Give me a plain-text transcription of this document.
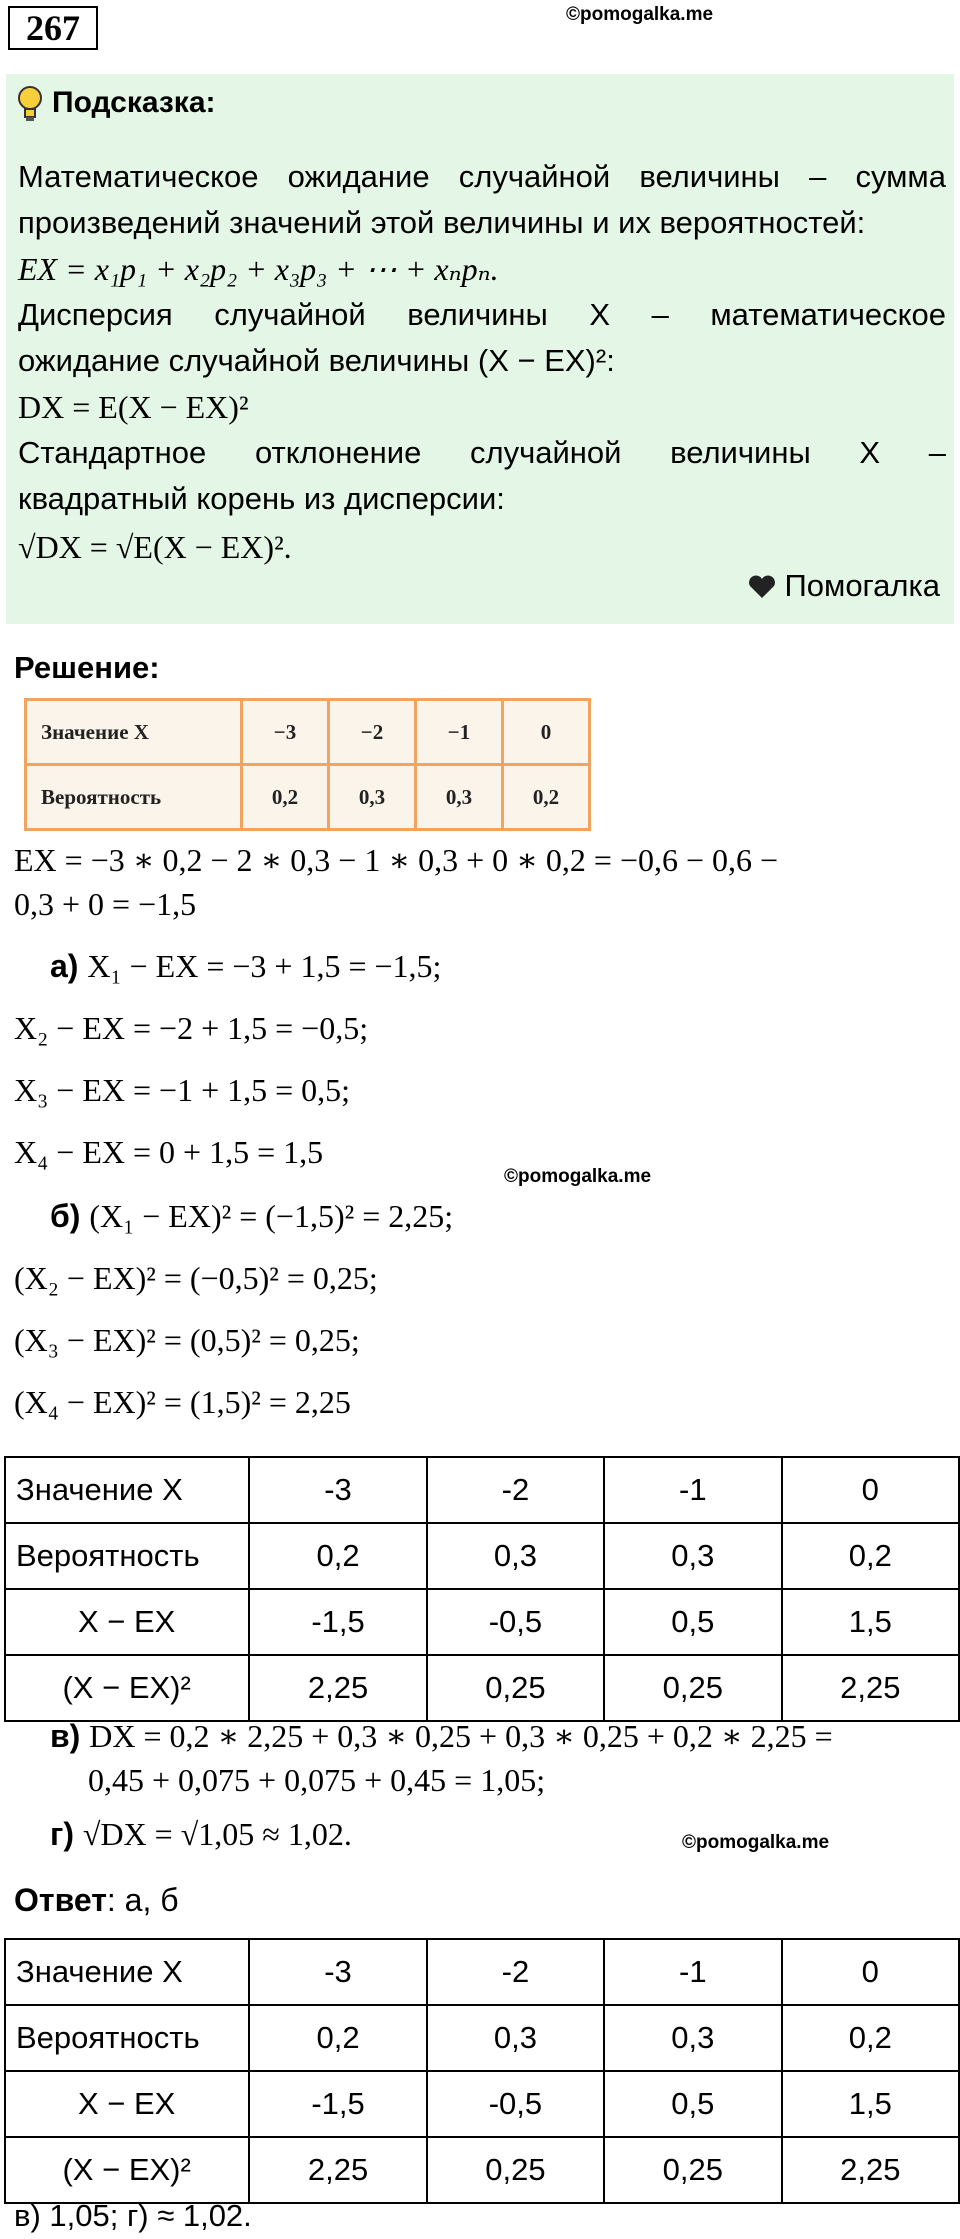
267	©pomogalka.me
Подсказка:
Математическое ожидание случайной величины – сумма
произведений значений этой величины и их вероятностей:
EX = x₁p₁ + x₂p₂ + x₃p₃ + ⋯ + xₙpₙ.
Дисперсия случайной величины X – математическое
ожидание случайной величины (X − EX)²:
DX = E(X − EX)²
Стандартное отклонение случайной величины X –
квадратный корень из дисперсии:
√DX = √E(X − EX)².
Помогалка
Решение:
Значение X	−3	−2	−1	0
Вероятность	0,2	0,3	0,3	0,2
EX = −3 ∗ 0,2 − 2 ∗ 0,3 − 1 ∗ 0,3 + 0 ∗ 0,2 = −0,6 − 0,6 −
0,3 + 0 = −1,5
а) X₁ − EX = −3 + 1,5 = −1,5;
X₂ − EX = −2 + 1,5 = −0,5;
X₃ − EX = −1 + 1,5 = 0,5;
X₄ − EX = 0 + 1,5 = 1,5
©pomogalka.me
б) (X₁ − EX)² = (−1,5)² = 2,25;
(X₂ − EX)² = (−0,5)² = 0,25;
(X₃ − EX)² = (0,5)² = 0,25;
(X₄ − EX)² = (1,5)² = 2,25
Значение X	-3	-2	-1	0
Вероятность	0,2	0,3	0,3	0,2
X − EX	-1,5	-0,5	0,5	1,5
(X − EX)²	2,25	0,25	0,25	2,25
в) DX = 0,2 ∗ 2,25 + 0,3 ∗ 0,25 + 0,3 ∗ 0,25 + 0,2 ∗ 2,25 =
0,45 + 0,075 + 0,075 + 0,45 = 1,05;
г) √DX = √1,05 ≈ 1,02.	©pomogalka.me
Ответ: а, б
Значение X	-3	-2	-1	0
Вероятность	0,2	0,3	0,3	0,2
X − EX	-1,5	-0,5	0,5	1,5
(X − EX)²	2,25	0,25	0,25	2,25
в) 1,05; г) ≈ 1,02.
